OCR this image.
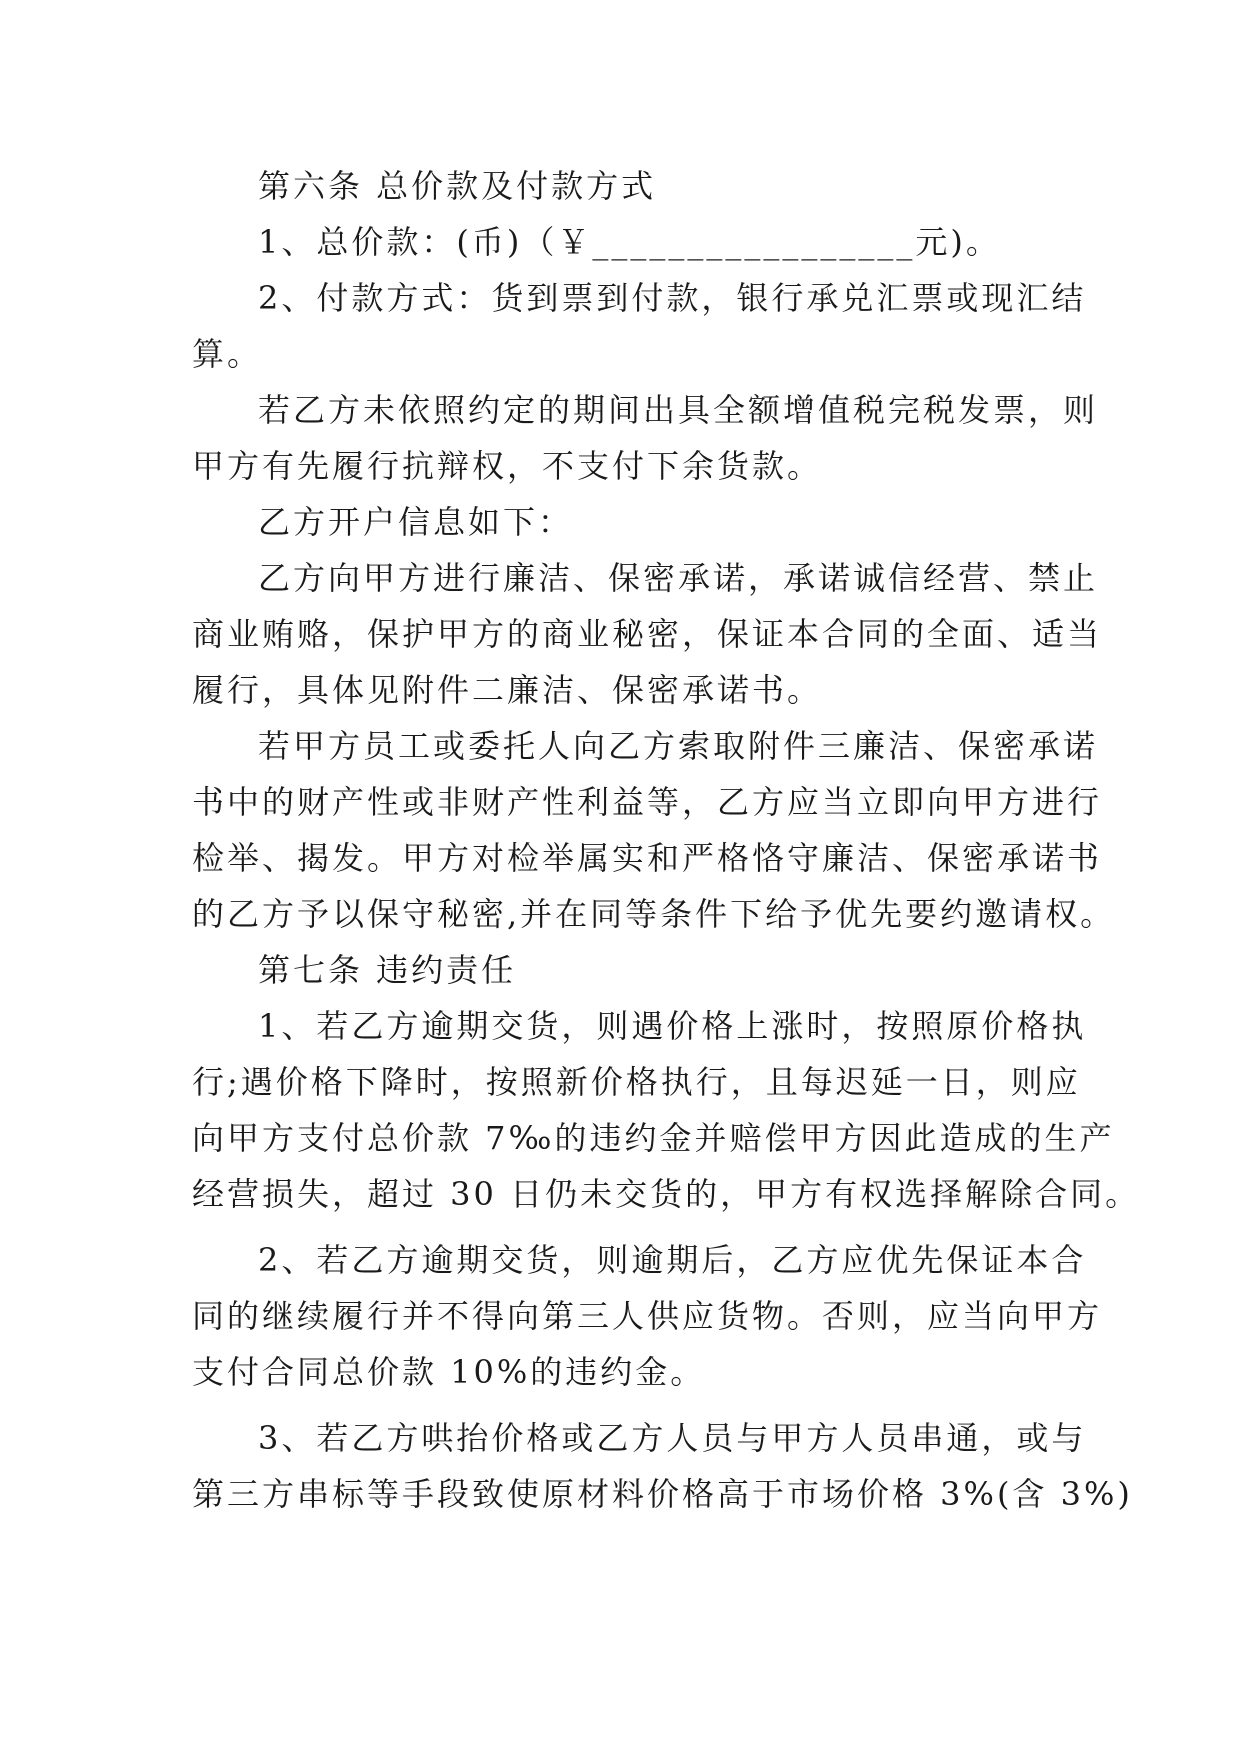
第六条 总价款及付款方式

1、总价款：(币)（￥_________________元)。

2、付款方式：货到票到付款，银行承兑汇票或现汇结

算。

若乙方未依照约定的期间出具全额增值税完税发票，则

甲方有先履行抗辩权，不支付下余货款。

乙方开户信息如下：

乙方向甲方进行廉洁、保密承诺，承诺诚信经营、禁止

商业贿赂，保护甲方的商业秘密，保证本合同的全面、适当

履行，具体见附件二廉洁、保密承诺书。

若甲方员工或委托人向乙方索取附件三廉洁、保密承诺

书中的财产性或非财产性利益等，乙方应当立即向甲方进行

检举、揭发。甲方对检举属实和严格恪守廉洁、保密承诺书

的乙方予以保守秘密,并在同等条件下给予优先要约邀请权。

第七条 违约责任

1、若乙方逾期交货，则遇价格上涨时，按照原价格执

行;遇价格下降时，按照新价格执行，且每迟延一日，则应

向甲方支付总价款 7‰的违约金并赔偿甲方因此造成的生产

经营损失，超过 30 日仍未交货的，甲方有权选择解除合同。

2、若乙方逾期交货，则逾期后，乙方应优先保证本合

同的继续履行并不得向第三人供应货物。否则，应当向甲方

支付合同总价款 10%的违约金。

3、若乙方哄抬价格或乙方人员与甲方人员串通，或与

第三方串标等手段致使原材料价格高于市场价格 3%(含 3%)
